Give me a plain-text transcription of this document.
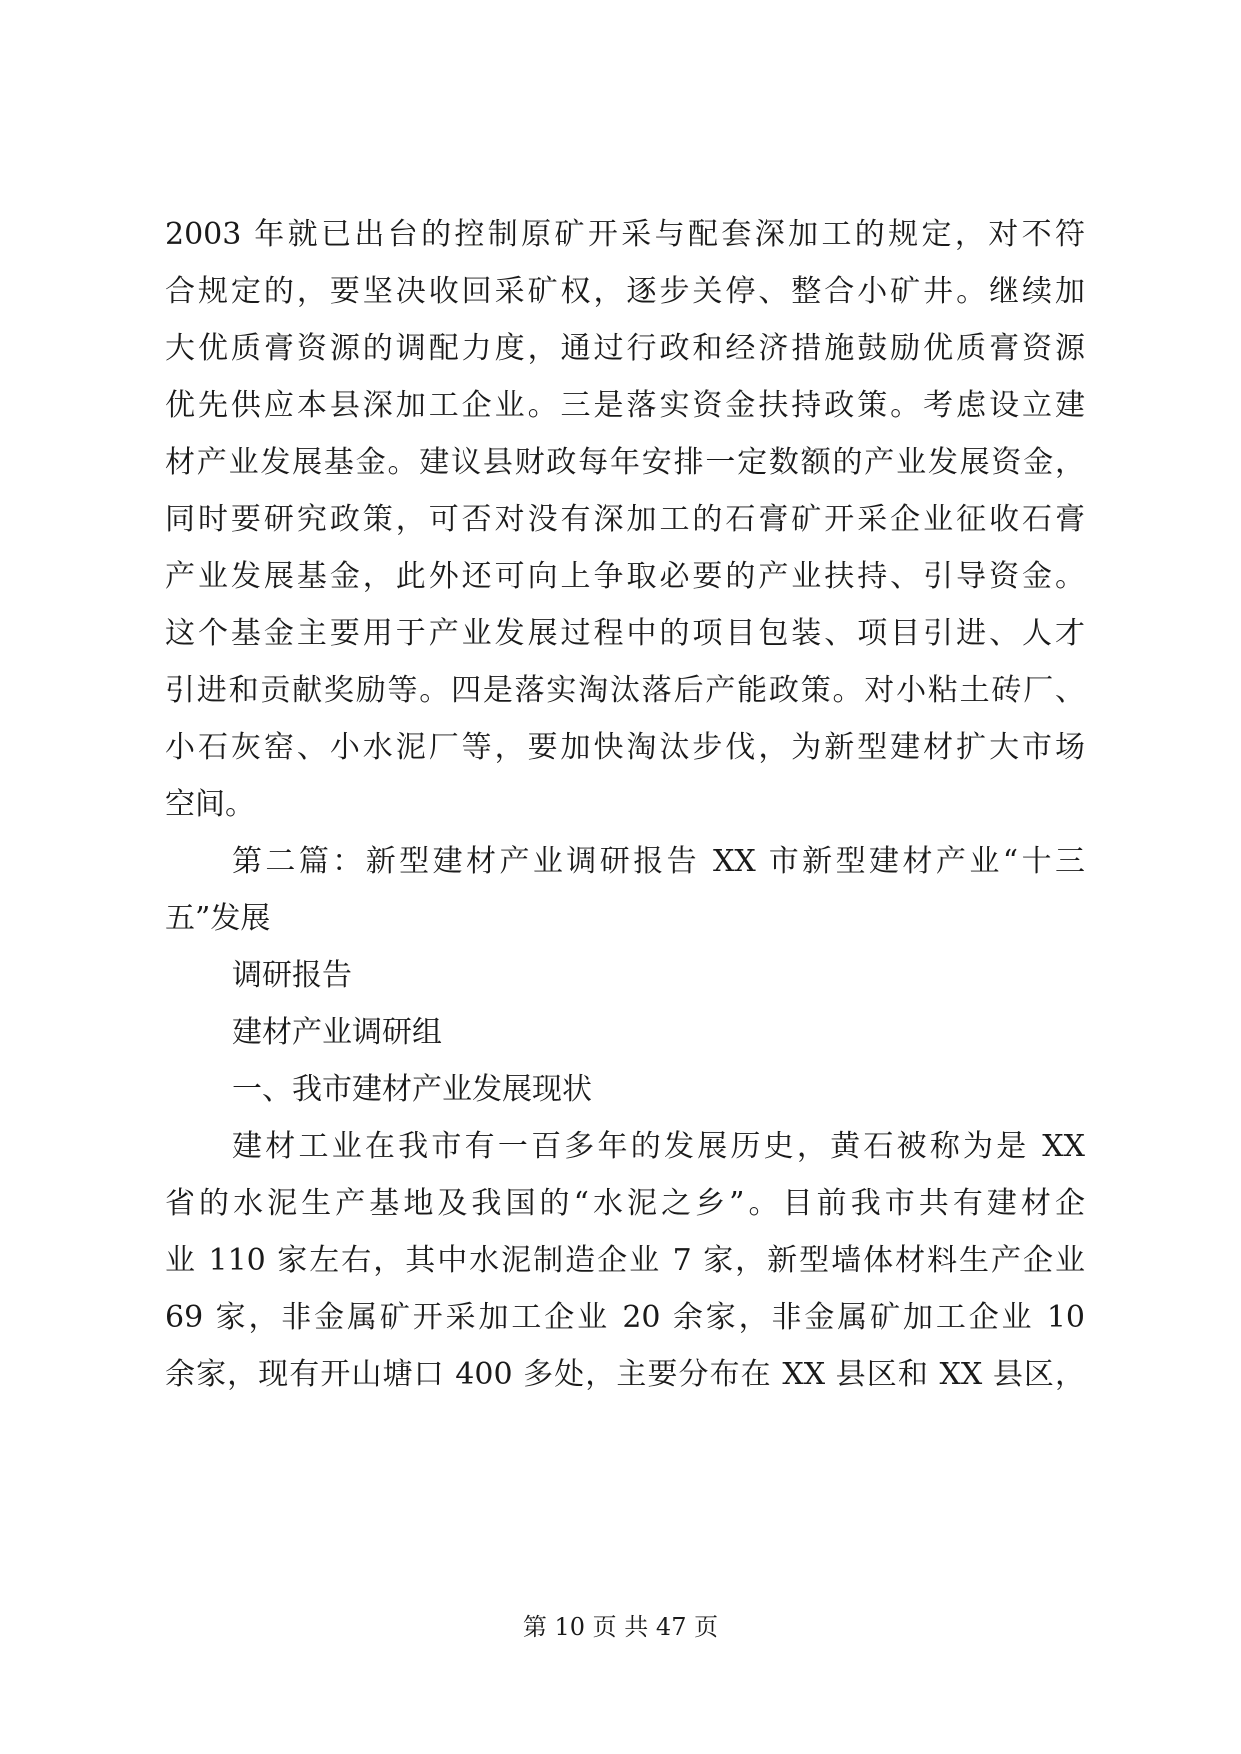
2003 年就已出台的控制原矿开采与配套深加工的规定，对不符
合规定的，要坚决收回采矿权，逐步关停、整合小矿井。继续加
大优质膏资源的调配力度，通过行政和经济措施鼓励优质膏资源
优先供应本县深加工企业。三是落实资金扶持政策。考虑设立建
材产业发展基金。建议县财政每年安排一定数额的产业发展资金，
同时要研究政策，可否对没有深加工的石膏矿开采企业征收石膏
产业发展基金，此外还可向上争取必要的产业扶持、引导资金。
这个基金主要用于产业发展过程中的项目包装、项目引进、人才
引进和贡献奖励等。四是落实淘汰落后产能政策。对小粘土砖厂、
小石灰窑、小水泥厂等，要加快淘汰步伐，为新型建材扩大市场
空间。
第二篇：新型建材产业调研报告 XX 市新型建材产业“十三
五”发展
调研报告
建材产业调研组
一、我市建材产业发展现状
建材工业在我市有一百多年的发展历史，黄石被称为是 XX
省的水泥生产基地及我国的“水泥之乡”。目前我市共有建材企
业 110 家左右，其中水泥制造企业 7 家，新型墙体材料生产企业
69 家，非金属矿开采加工企业 20 余家，非金属矿加工企业 10
余家，现有开山塘口 400 多处，主要分布在 XX 县区和 XX 县区，
第 10 页 共 47 页
